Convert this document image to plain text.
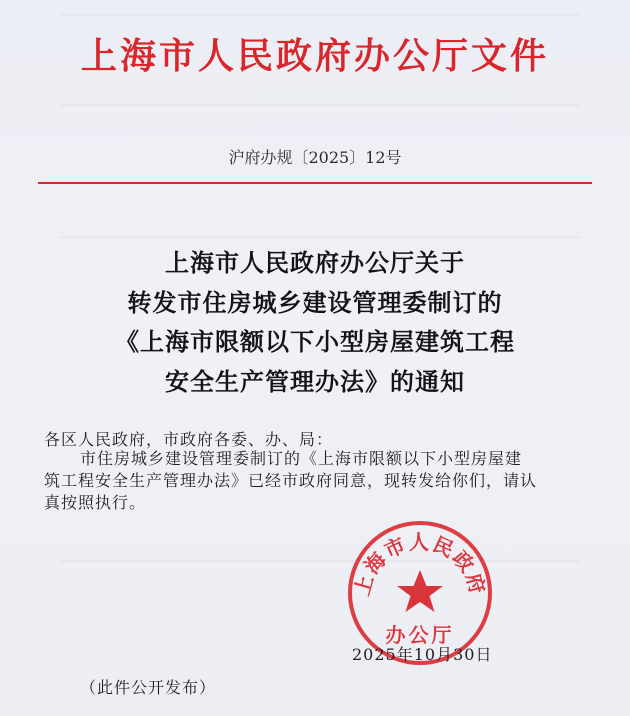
上海市人民政府办公厅文件
沪府办规〔2025〕12号
上海市人民政府办公厅关于
转发市住房城乡建设管理委制订的
《上海市限额以下小型房屋建筑工程
安全生产管理办法》的通知
各区人民政府，市政府各委、办、局：
市住房城乡建设管理委制订的《上海市限额以下小型房屋建
筑工程安全生产管理办法》已经市政府同意，现转发给你们，请认
真按照执行。
上海市人民政府
办公厅
2025年10月30日
（此件公开发布）
